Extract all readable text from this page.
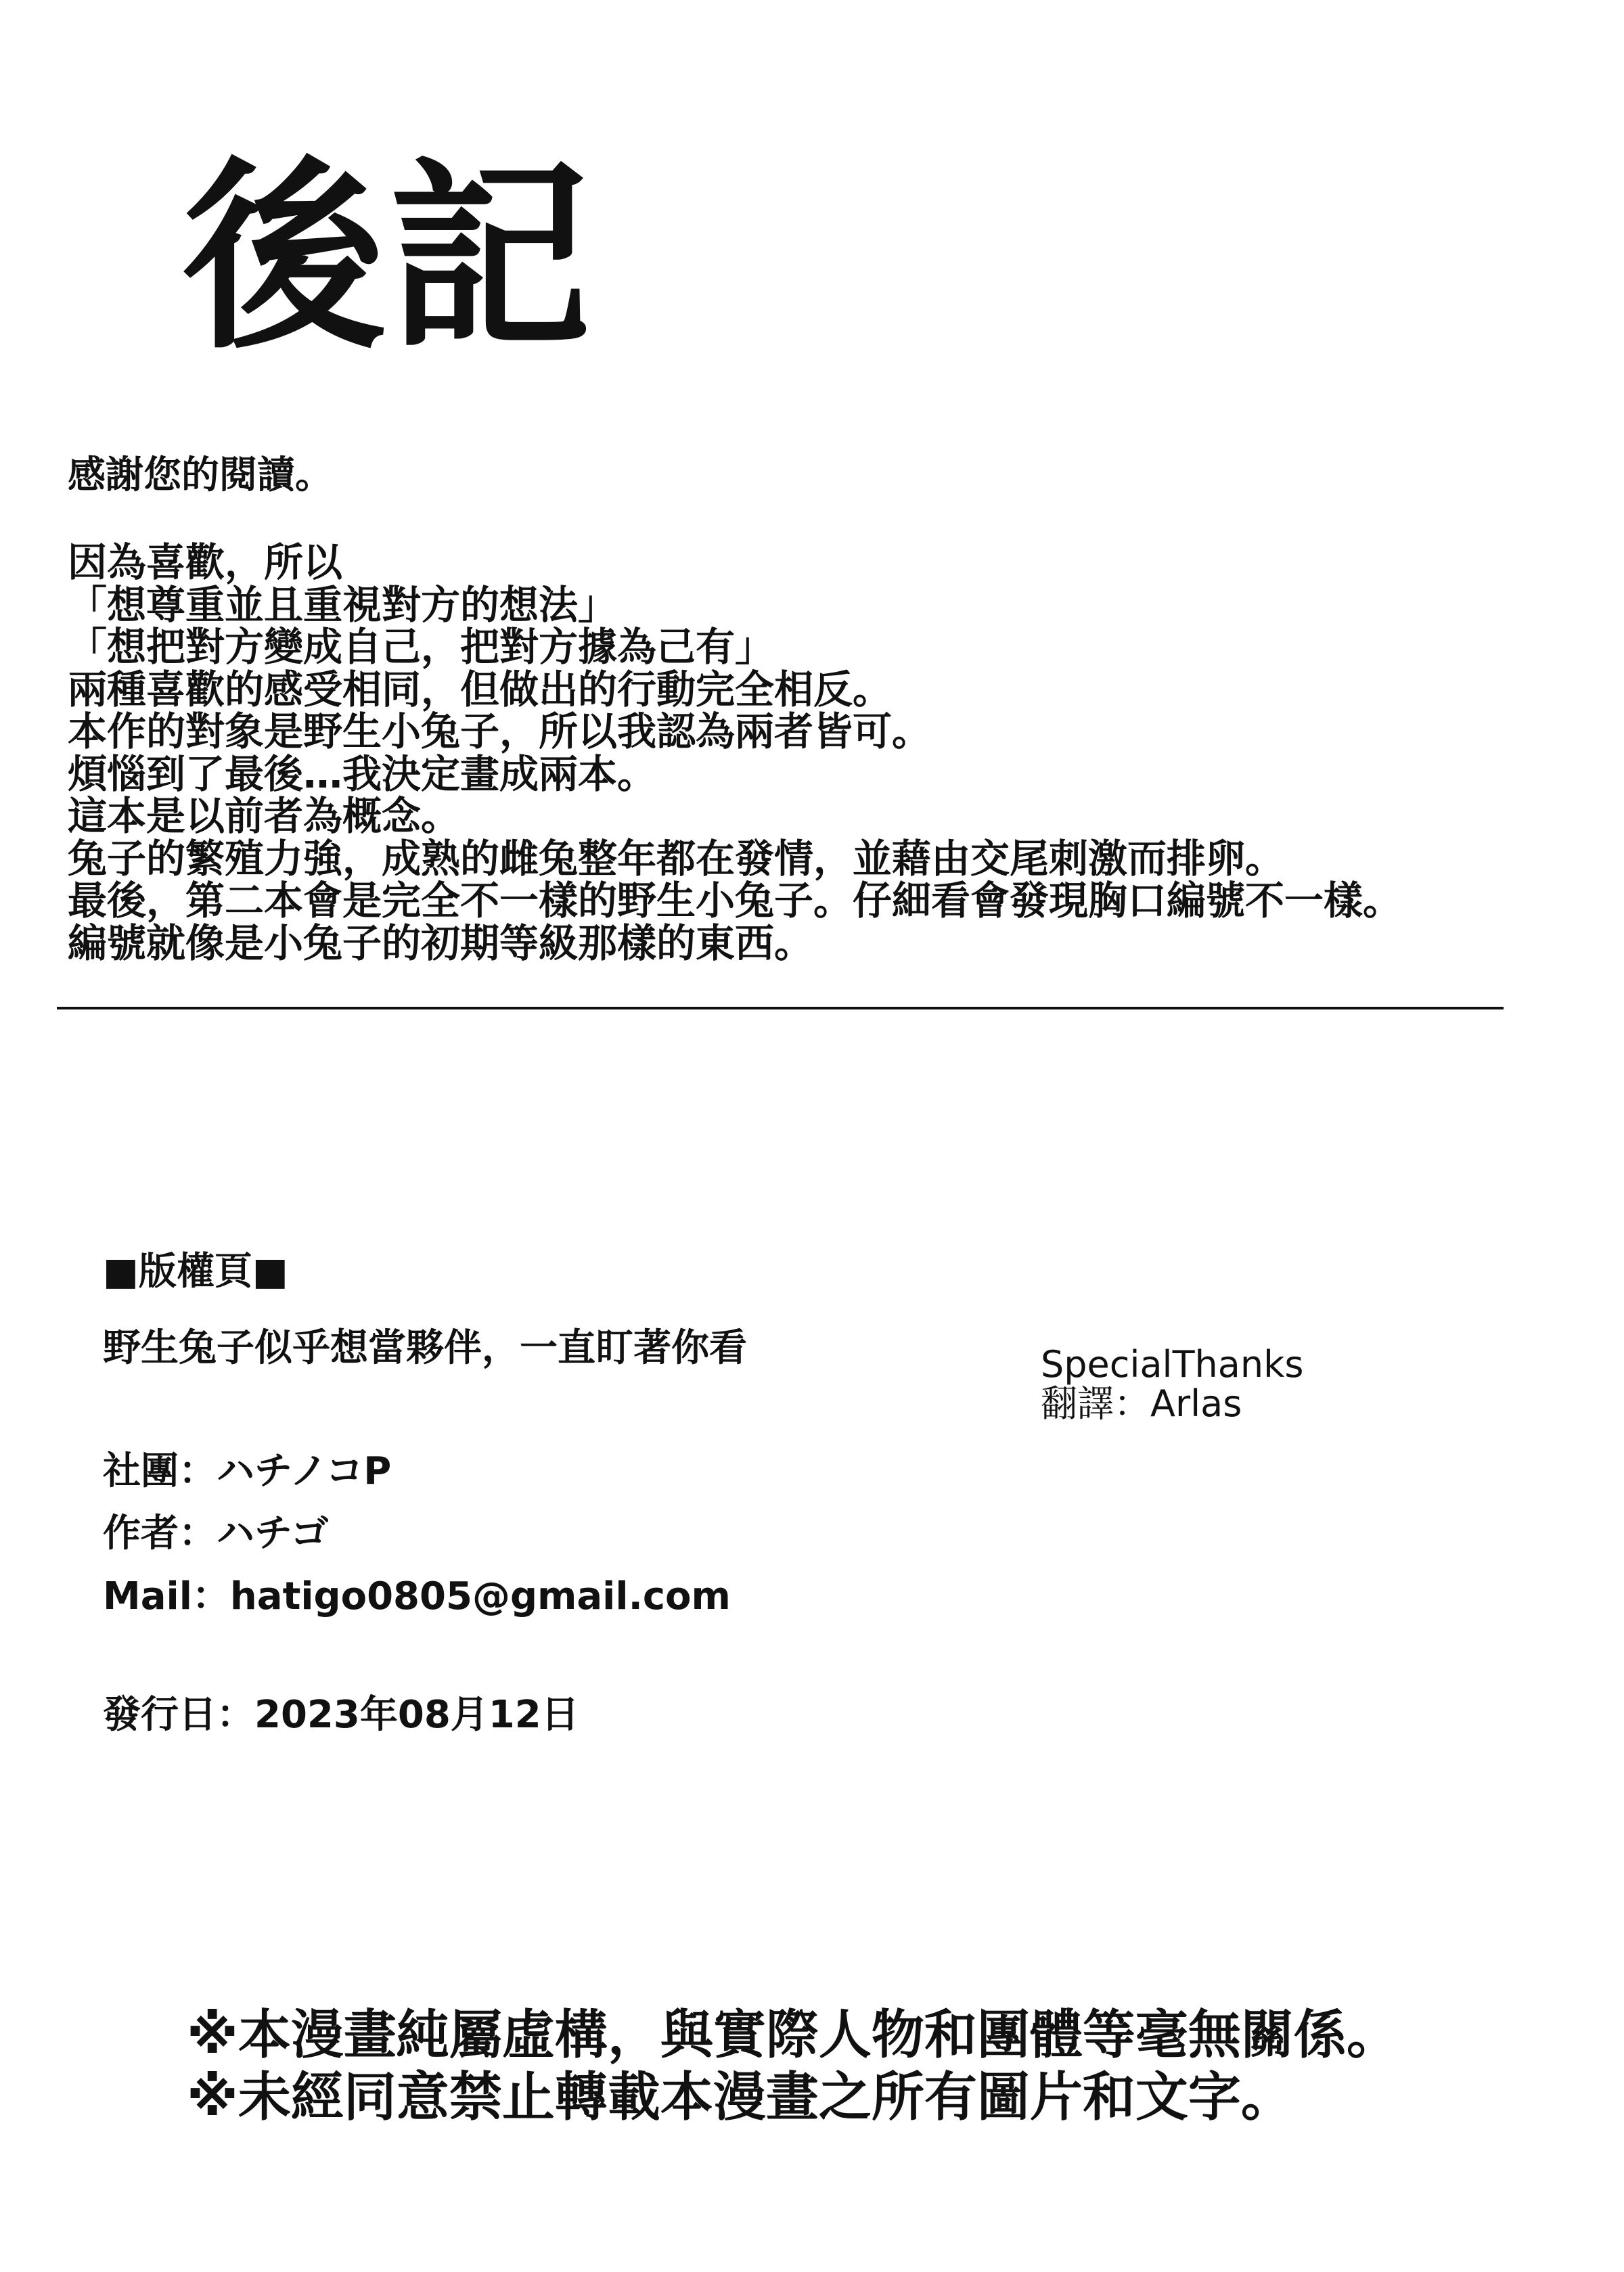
後記
感謝您的閱讀。
因為喜歡，所以
「想尊重並且重視對方的想法」
「想把對方變成自己，把對方據為己有」
兩種喜歡的感受相同，但做出的行動完全相反。
本作的對象是野生小兔子，所以我認為兩者皆可。
煩惱到了最後…我決定畫成兩本。
這本是以前者為概念。
兔子的繁殖力強，成熟的雌兔整年都在發情，並藉由交尾刺激而排卵。
最後，第二本會是完全不一樣的野生小兔子。仔細看會發現胸口編號不一樣。
編號就像是小兔子的初期等級那樣的東西。
■版權頁■
野生兔子似乎想當夥伴，一直盯著你看	SpecialThanks
翻譯：Arlas
社團：ハチノコP
作者：ハチゴ
Mail：hatigo0805@gmail.com
發行日：2023年08月12日
※本漫畫純屬虛構，與實際人物和團體等毫無關係。
※未經同意禁止轉載本漫畫之所有圖片和文字。
